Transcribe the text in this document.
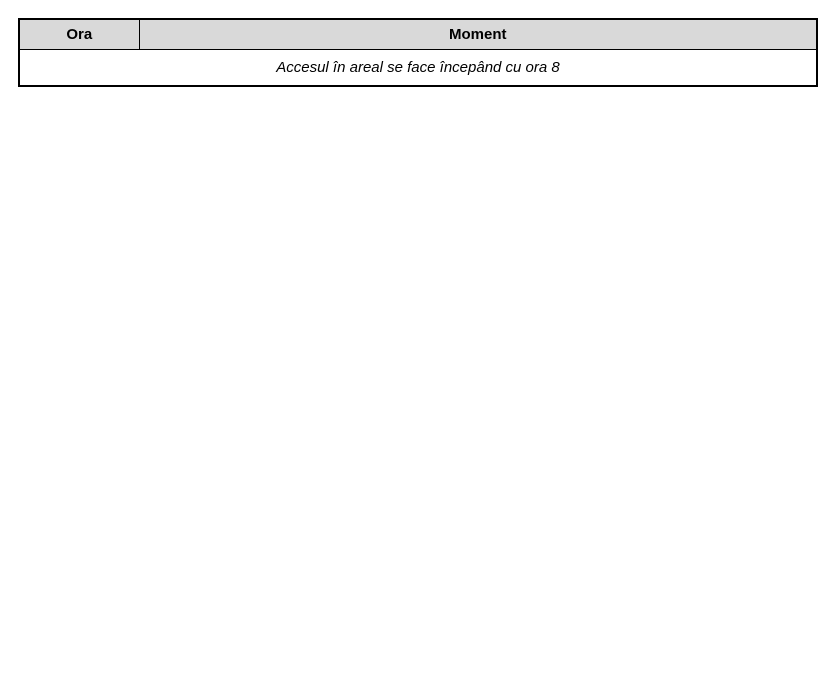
Ora	Moment
Accesul în areal se face începând cu ora 8
